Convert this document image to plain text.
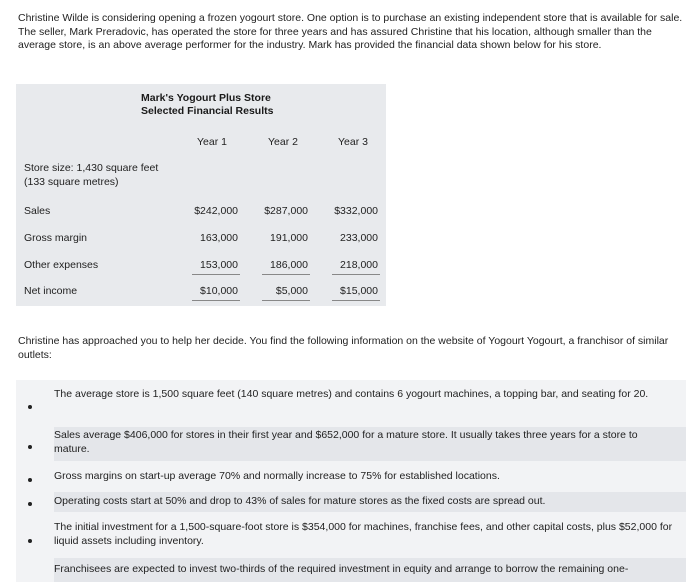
Christine Wilde is considering opening a frozen yogourt store. One option is to purchase an existing independent store that is available for sale. The seller, Mark Preradovic, has operated the store for three years and has assured Christine that his location, although smaller than the average store, is an above average performer for the industry. Mark has provided the financial data shown below for his store.

Mark's Yogourt Plus Store
Selected Financial Results
Year 1	Year 2	Year 3
Store size: 1,430 square feet
(133 square metres)
Sales	$242,000	$287,000	$332,000
Gross margin	163,000	191,000	233,000
Other expenses	153,000	186,000	218,000
Net income	$10,000	$5,000	$15,000

Christine has approached you to help her decide. You find the following information on the website of Yogourt Yogourt, a franchisor of similar outlets:

The average store is 1,500 square feet (140 square metres) and contains 6 yogourt machines, a topping bar, and seating for 20.
Sales average $406,000 for stores in their first year and $652,000 for a mature store. It usually takes three years for a store to mature.
Gross margins on start-up average 70% and normally increase to 75% for established locations.
Operating costs start at 50% and drop to 43% of sales for mature stores as the fixed costs are spread out.
The initial investment for a 1,500-square-foot store is $354,000 for machines, franchise fees, and other capital costs, plus $52,000 for liquid assets including inventory.
Franchisees are expected to invest two-thirds of the required investment in equity and arrange to borrow the remaining one-
